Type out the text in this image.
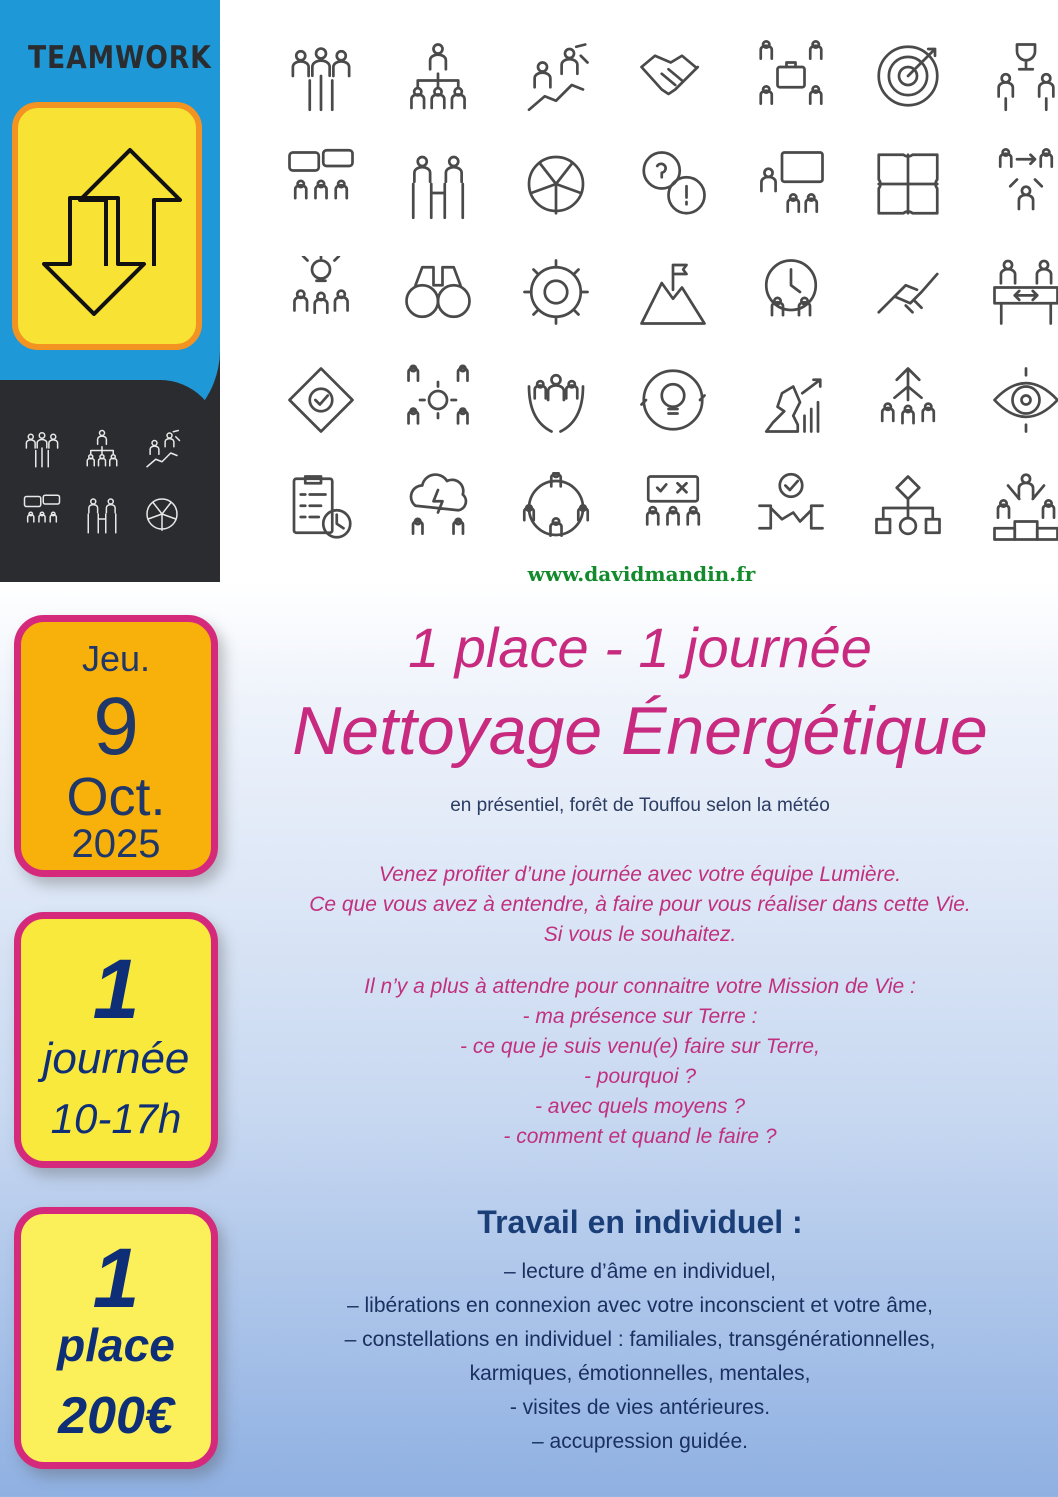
TEAMWORK
www.davidmandin.fr
Jeu.
9
Oct.
2025
1
journée
10-17h
1
place
200€
1 place - 1 journée
Nettoyage Énergétique
en présentiel, forêt de Touffou selon la météo
Venez profiter d’une journée avec votre équipe Lumière.
Ce que vous avez à entendre, à faire pour vous réaliser dans cette Vie.
Si vous le souhaitez.
Il n’y a plus à attendre pour connaitre votre Mission de Vie :
- ma présence sur Terre :
- ce que je suis venu(e) faire sur Terre,
- pourquoi ?
- avec quels moyens ?
- comment et quand le faire ?
Travail en individuel :
– lecture d’âme en individuel,
– libérations en connexion avec votre inconscient et votre âme,
– constellations en individuel : familiales, transgénérationnelles,
karmiques, émotionnelles, mentales,
- visites de vies antérieures.
– accupression guidée.
